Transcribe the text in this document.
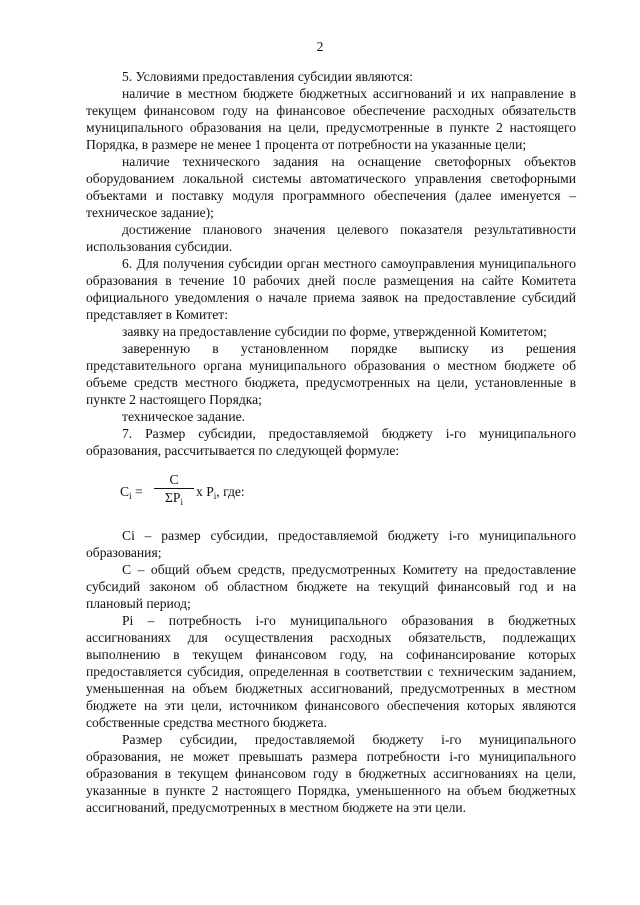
2

5. Условиями предоставления субсидии являются:

наличие в местном бюджете бюджетных ассигнований и их направление в текущем финансовом году на финансовое обеспечение расходных обязательств муниципального образования на цели, предусмотренные в пункте 2 настоящего Порядка, в размере не менее 1 процента от потребности на указанные цели;

наличие технического задания на оснащение светофорных объектов оборудованием локальной системы автоматического управления светофорными объектами и поставку модуля программного обеспечения (далее именуется – техническое задание);

достижение планового значения целевого показателя результативности использования субсидии.

6. Для получения субсидии орган местного самоуправления муниципального образования в течение 10 рабочих дней после размещения на сайте Комитета официального уведомления о начале приема заявок на предоставление субсидий представляет в Комитет:

заявку на предоставление субсидии по форме, утвержденной Комитетом;

заверенную в установленном порядке выписку из решения представительного органа муниципального образования о местном бюджете об объеме средств местного бюджета, предусмотренных на цели, установленные в пункте 2 настоящего Порядка;

техническое задание.

7. Размер субсидии, предоставляемой бюджету i-го муниципального образования, рассчитывается по следующей формуле:

$C_i$ =
C
$\Sigma P_i$
x $P_i$, где:

Ci – размер субсидии, предоставляемой бюджету i-го муниципального образования;

C – общий объем средств, предусмотренных Комитету на предоставление субсидий законом об областном бюджете на текущий финансовый год и на плановый период;

Pi – потребность i-го муниципального образования в бюджетных ассигнованиях для осуществления расходных обязательств, подлежащих выполнению в текущем финансовом году, на софинансирование которых предоставляется субсидия, определенная в соответствии с техническим заданием, уменьшенная на объем бюджетных ассигнований, предусмотренных в местном бюджете на эти цели, источником финансового обеспечения которых являются собственные средства местного бюджета.

Размер субсидии, предоставляемой бюджету i-го муниципального образования, не может превышать размера потребности i-го муниципального образования в текущем финансовом году в бюджетных ассигнованиях на цели, указанные в пункте 2 настоящего Порядка, уменьшенного на объем бюджетных ассигнований, предусмотренных в местном бюджете на эти цели.
